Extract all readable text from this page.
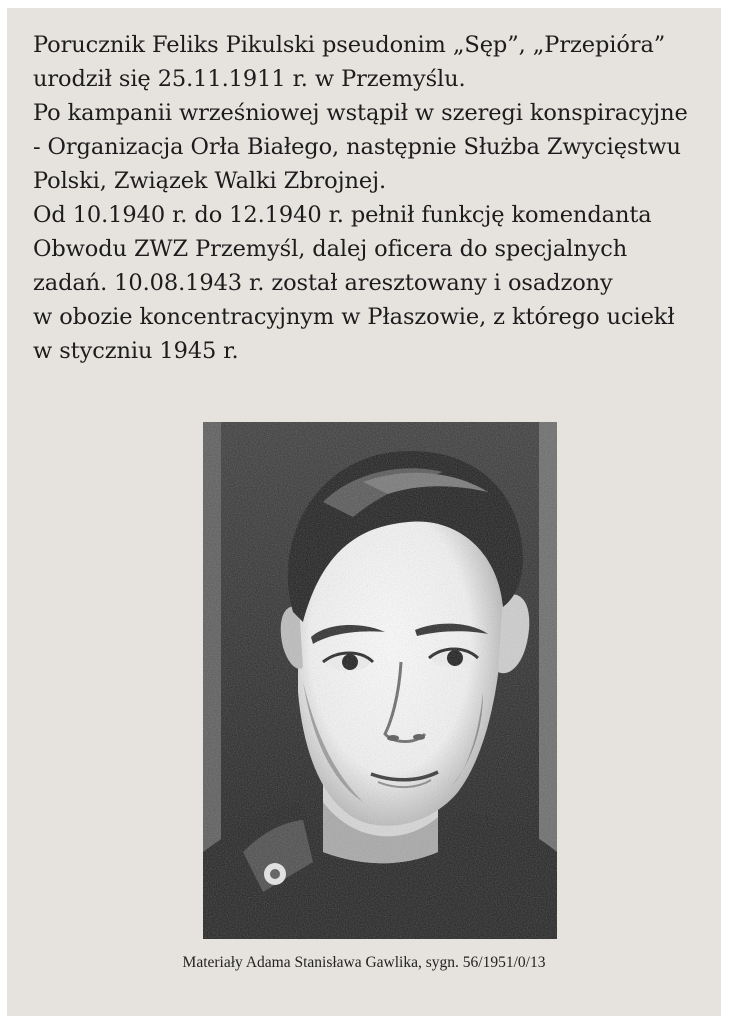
Porucznik Feliks Pikulski pseudonim „Sęp”, „Przepióra”
urodził się 25.11.1911 r. w Przemyślu.
Po kampanii wrześniowej wstąpił w szeregi konspiracyjne
- Organizacja Orła Białego, następnie Służba Zwycięstwu
Polski, Związek Walki Zbrojnej.
Od 10.1940 r. do 12.1940 r. pełnił funkcję komendanta
Obwodu ZWZ Przemyśl, dalej oficera do specjalnych
zadań. 10.08.1943 r. został aresztowany i osadzony
w obozie koncentracyjnym w Płaszowie, z którego uciekł
w styczniu 1945 r.

Materiały Adama Stanisława Gawlika, sygn. 56/1951/0/13
